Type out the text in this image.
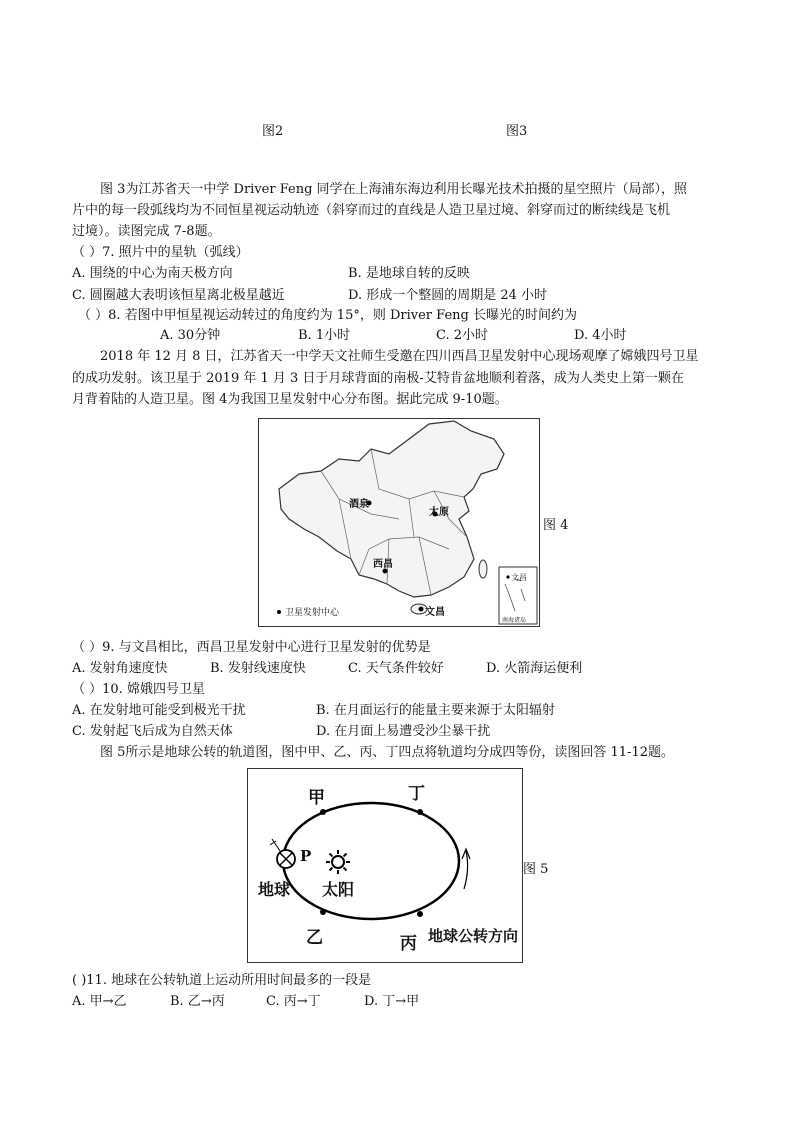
图2	图3
图 3为江苏省天一中学 Driver Feng 同学在上海浦东海边利用长曝光技术拍摄的星空照片（局部），照
片中的每一段弧线均为不同恒星视运动轨迹（斜穿而过的直线是人造卫星过境、斜穿而过的断续线是飞机
过境）。读图完成 7-8题。
（ ）7. 照片中的星轨（弧线）
A. 围绕的中心为南天极方向	B. 是地球自转的反映
C. 圆圈越大表明该恒星离北极星越近	D. 形成一个整圆的周期是 24 小时
（ ）8. 若图中甲恒星视运动转过的角度约为 15°，则 Driver Feng 长曝光的时间约为
A. 30分钟	B. 1小时	C. 2小时	D. 4小时
2018 年 12 月 8 日，江苏省天一中学天文社师生受邀在四川西昌卫星发射中心现场观摩了嫦娥四号卫星
的成功发射。该卫星于 2019 年 1 月 3 日于月球背面的南极-艾特肯盆地顺利着落，成为人类史上第一颗在
月背着陆的人造卫星。图 4为我国卫星发射中心分布图。据此完成 9-10题。
酒泉
太原
西昌
文昌
卫星发射中心
文昌
南海诸岛
图 4
（ ）9. 与文昌相比，西昌卫星发射中心进行卫星发射的优势是
A. 发射角速度快	B. 发射线速度快	C. 天气条件较好	D. 火箭海运便利
（ ）10. 嫦娥四号卫星
A. 在发射地可能受到极光干扰	B. 在月面运行的能量主要来源于太阳辐射
C. 发射起飞后成为自然天体	D. 在月面上易遭受沙尘暴干扰
图 5所示是地球公转的轨道图，图中甲、乙、丙、丁四点将轨道均分成四等份，读图回答 11-12题。
甲	丁
乙	丙
P
地球 太阳
地球公转方向
图 5
( )11. 地球在公转轨道上运动所用时间最多的一段是
A. 甲→乙	B. 乙→丙	C. 丙→丁	D. 丁→甲
